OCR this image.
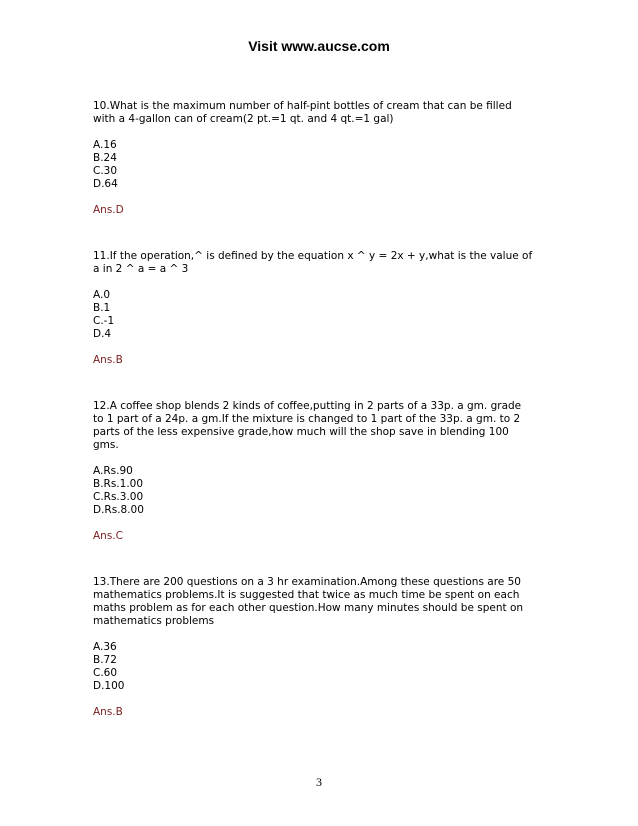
Visit www.aucse.com
10.What is the maximum number of half-pint bottles of cream that can be filled with a 4-gallon can of cream(2 pt.=1 qt. and 4 qt.=1 gal)
A.16
B.24
C.30
D.64
Ans.D
11.If the operation,^ is defined by the equation x ^ y = 2x + y,what is the value of a in 2 ^ a = a ^ 3
A.0
B.1
C.-1
D.4
Ans.B
12.A coffee shop blends 2 kinds of coffee,putting in 2 parts of a 33p. a gm. grade to 1 part of a 24p. a gm.If the mixture is changed to 1 part of the 33p. a gm. to 2 parts of the less expensive grade,how much will the shop save in blending 100 gms.
A.Rs.90
B.Rs.1.00
C.Rs.3.00
D.Rs.8.00
Ans.C
13.There are 200 questions on a 3 hr examination.Among these questions are 50 mathematics problems.It is suggested that twice as much time be spent on each maths problem as for each other question.How many minutes should be spent on mathematics problems
A.36
B.72
C.60
D.100
Ans.B
3
